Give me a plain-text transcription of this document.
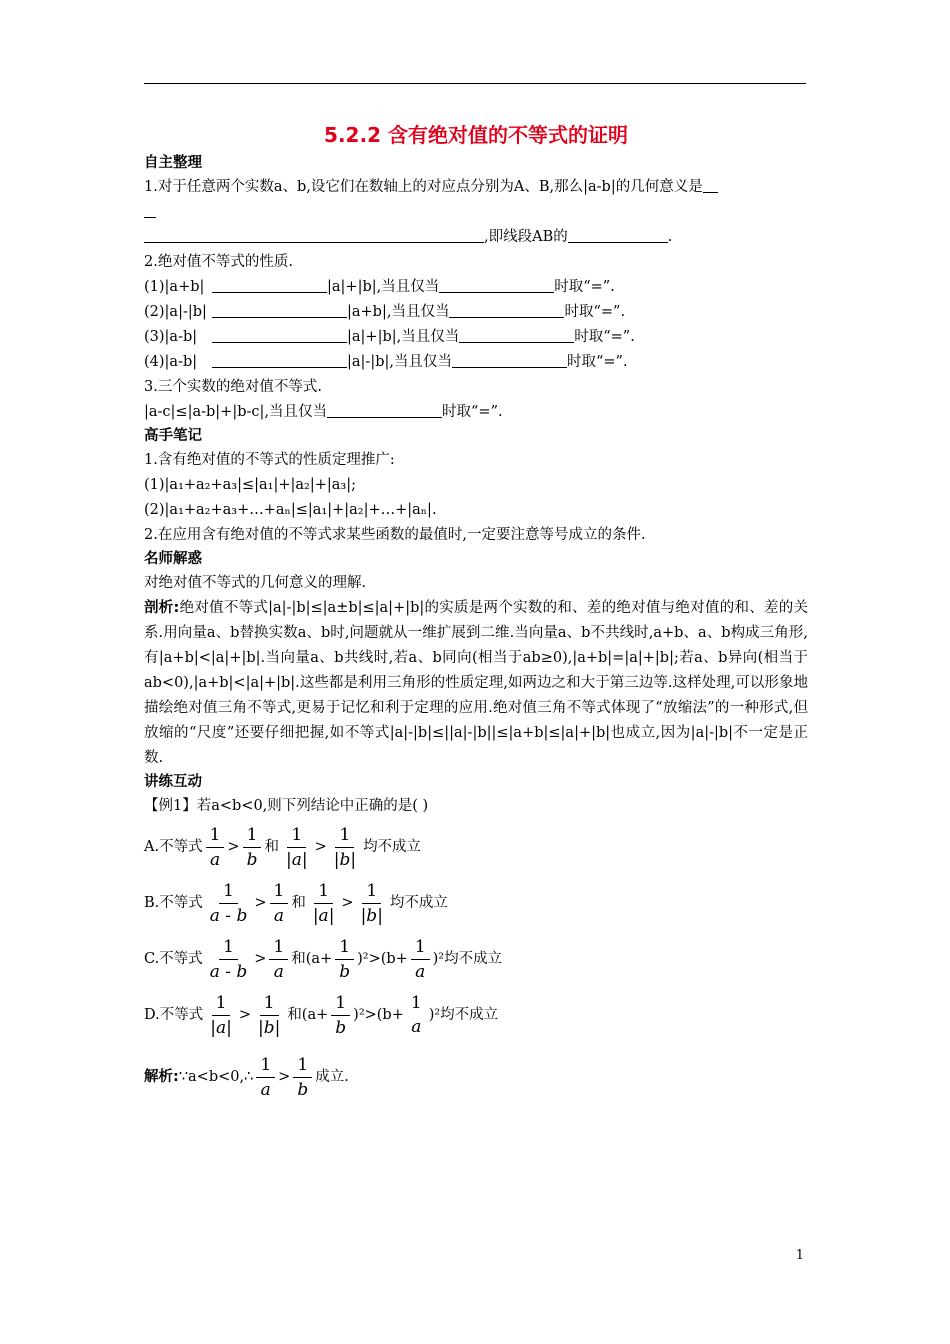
5.2.2 含有绝对值的不等式的证明
自主整理
1.对于任意两个实数a、b,设它们在数轴上的对应点分别为A、B,那么|a-b|的几何意义是

,即线段AB的	.
2.绝对值不等式的性质.
(1)|a+b|	|a|+|b|,当且仅当	时取“=”.
(2)|a|-|b|	|a+b|,当且仅当	时取“=”.
(3)|a-b|	|a|+|b|,当且仅当	时取“=”.
(4)|a-b|	|a|-|b|,当且仅当	时取“=”.
3.三个实数的绝对值不等式.
|a-c|≤|a-b|+|b-c|,当且仅当	时取“=”.
高手笔记
1.含有绝对值的不等式的性质定理推广:
(1)|a₁+a₂+a₃|≤|a₁|+|a₂|+|a₃|;
(2)|a₁+a₂+a₃+…+aₙ|≤|a₁|+|a₂|+…+|aₙ|.
2.在应用含有绝对值的不等式求某些函数的最值时,一定要注意等号成立的条件.
名师解惑
对绝对值不等式的几何意义的理解.
剖析:绝对值不等式|a|-|b|≤|a±b|≤|a|+|b|的实质是两个实数的和、差的绝对值与绝对值的和、差的关系.用向量a、b替换实数a、b时,问题就从一维扩展到二维.当向量a、b不共线时,a+b、a、b构成三角形,有|a+b|<|a|+|b|.当向量a、b共线时,若a、b同向(相当于ab≥0),|a+b|=|a|+|b|;若a、b异向(相当于ab<0),|a+b|<|a|+|b|.这些都是利用三角形的性质定理,如两边之和大于第三边等.这样处理,可以形象地描绘绝对值三角不等式,更易于记忆和利于定理的应用.绝对值三角不等式体现了“放缩法”的一种形式,但放缩的“尺度”还要仔细把握,如不等式|a|-|b|≤||a|-|b||≤|a+b|≤|a|+|b|也成立,因为|a|-|b|不一定是正数.
讲练互动
【例1】若a<b<0,则下列结论中正确的是( )
A.不等式 $\frac{1}{a} > \frac{1}{b}$ 和 $\frac{1}{|a|} > \frac{1}{|b|}$ 均不成立
B.不等式 $\frac{1}{a - b} > \frac{1}{a}$ 和 $\frac{1}{|a|} > \frac{1}{|b|}$ 均不成立
C.不等式 $\frac{1}{a - b} > \frac{1}{a}$ 和$(a+ \frac{1}{b} )^2>(b+ \frac{1}{a} )^2$均不成立
D.不等式 $\frac{1}{|a|} > \frac{1}{|b|}$ 和$(a+ \frac{1}{b} )^2>(b+$
1
a
)²均不成立
解析: ∵a<b<0,∴ $\frac{1}{a} > \frac{1}{b}$ 成立.
1
